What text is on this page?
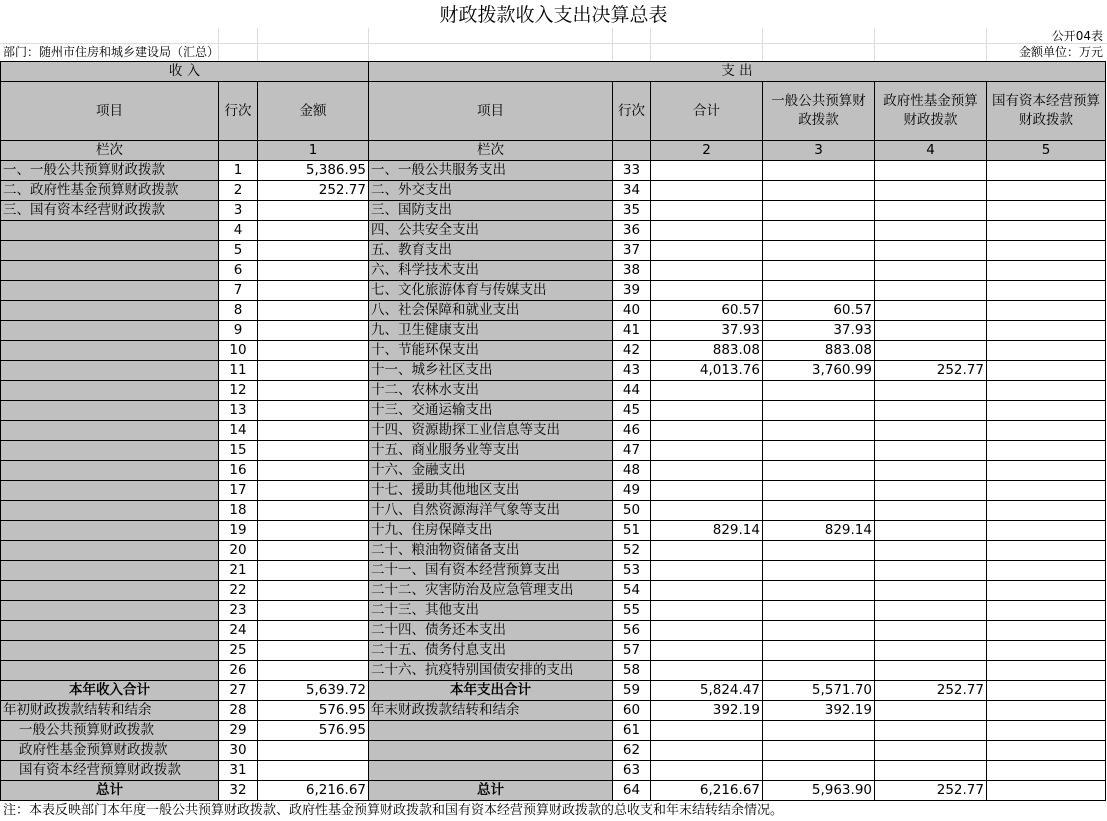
财政拨款收入支出决算总表
公开04表
部门：随州市住房和城乡建设局（汇总）	金额单位：万元
收 入			支 出					
项目	行次	金额	项目	行次	合计	一般公共预算财政拨款	政府性基金预算财政拨款	国有资本经营预算财政拨款
栏次		1	栏次		2	3	4	5
一、一般公共预算财政拨款	1	5,386.95	一、一般公共服务支出	33				
二、政府性基金预算财政拨款	2	252.77	二、外交支出	34				
三、国有资本经营财政拨款	3		三、国防支出	35				
	4		四、公共安全支出	36				
	5		五、教育支出	37				
	6		六、科学技术支出	38				
	7		七、文化旅游体育与传媒支出	39				
	8		八、社会保障和就业支出	40	60.57	60.57		
	9		九、卫生健康支出	41	37.93	37.93		
	10		十、节能环保支出	42	883.08	883.08		
	11		十一、城乡社区支出	43	4,013.76	3,760.99	252.77	
	12		十二、农林水支出	44				
	13		十三、交通运输支出	45				
	14		十四、资源勘探工业信息等支出	46				
	15		十五、商业服务业等支出	47				
	16		十六、金融支出	48				
	17		十七、援助其他地区支出	49				
	18		十八、自然资源海洋气象等支出	50				
	19		十九、住房保障支出	51	829.14	829.14		
	20		二十、粮油物资储备支出	52				
	21		二十一、国有资本经营预算支出	53				
	22		二十二、灾害防治及应急管理支出	54				
	23		二十三、其他支出	55				
	24		二十四、债务还本支出	56				
	25		二十五、债务付息支出	57				
	26		二十六、抗疫特别国债安排的支出	58				
本年收入合计	27	5,639.72	本年支出合计	59	5,824.47	5,571.70	252.77	
年初财政拨款结转和结余	28	576.95	年末财政拨款结转和结余	60	392.19	392.19		
一般公共预算财政拨款	29	576.95		61				
政府性基金预算财政拨款	30			62				
国有资本经营预算财政拨款	31			63				
总计	32	6,216.67	总计	64	6,216.67	5,963.90	252.77	
注：本表反映部门本年度一般公共预算财政拨款、政府性基金预算财政拨款和国有资本经营预算财政拨款的总收支和年末结转结余情况。
